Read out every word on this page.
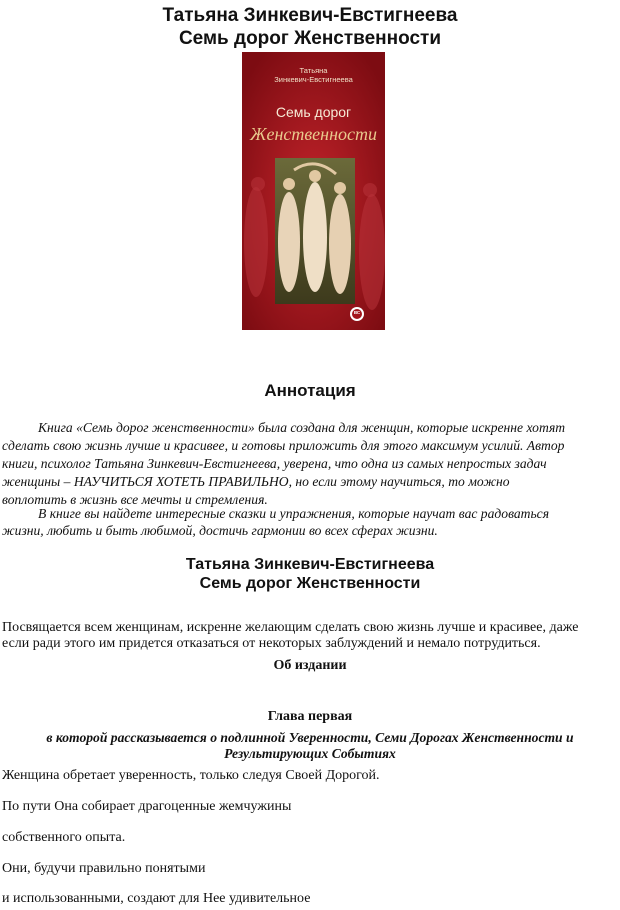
Татьяна Зинкевич-Евстигнеева
Семь дорог Женственности
Татьяна
Зинкевич-Евстигнеева
Семь дорог
Женственности
ВС
Аннотация
Книга «Семь дорог женственности» была создана для женщин, которые искренне хотят
сделать свою жизнь лучше и красивее, и готовы приложить для этого максимум усилий. Автор
книги, психолог Татьяна Зинкевич-Евстигнеева, уверена, что одна из самых непростых задач
женщины – НАУЧИТЬСЯ ХОТЕТЬ ПРАВИЛЬНО, но если этому научиться, то можно
воплотить в жизнь все мечты и стремления.
В книге вы найдете интересные сказки и упражнения, которые научат вас радоваться
жизни, любить и быть любимой, достичь гармонии во всех сферах жизни.
Татьяна Зинкевич-Евстигнеева
Семь дорог Женственности
Посвящается всем женщинам, искренне желающим сделать свою жизнь лучше и красивее, даже
если ради этого им придется отказаться от некоторых заблуждений и немало потрудиться.
Об издании
Глава первая
в которой рассказывается о подлинной Уверенности, Семи Дорогах Женственности и
Результирующих Событиях
Женщина обретает уверенность, только следуя Своей Дорогой.
По пути Она собирает драгоценные жемчужины
собственного опыта.
Они, будучи правильно понятыми
и использованными, создают для Нее удивительное
